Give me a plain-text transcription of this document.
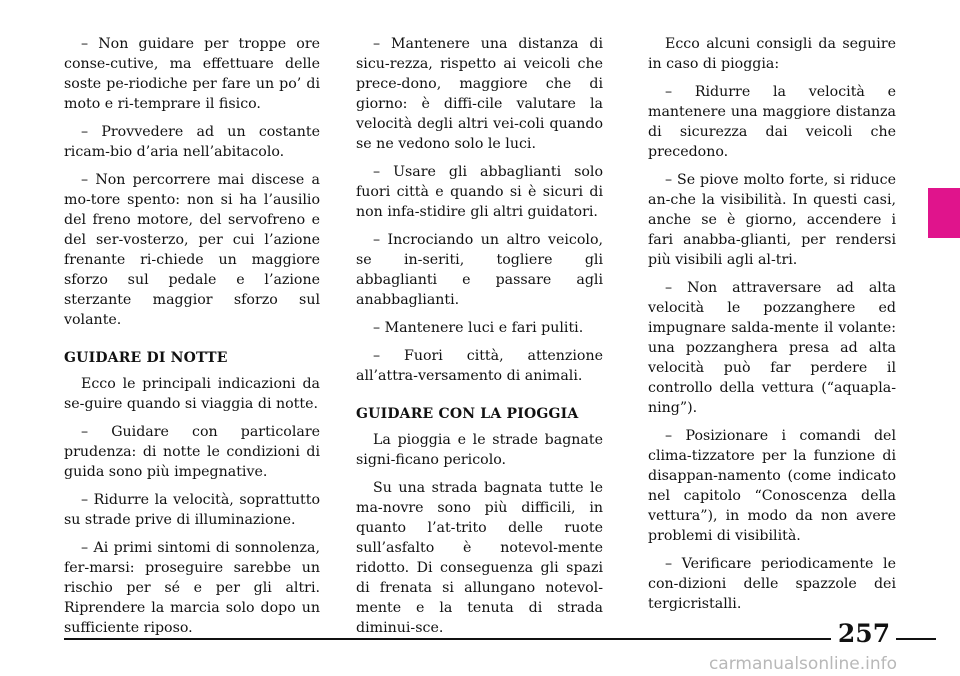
– Non guidare per troppe ore conse-cutive, ma effettuare delle soste pe-riodiche per fare un po’ di moto e ri-temprare il fisico.

– Provvedere ad un costante ricam-bio d’aria nell’abitacolo.

– Non percorrere mai discese a mo-tore spento: non si ha l’ausilio del freno motore, del servofreno e del ser-vosterzo, per cui l’azione frenante ri-chiede un maggiore sforzo sul pedale e l’azione sterzante maggior sforzo sul volante.

GUIDARE DI NOTTE

Ecco le principali indicazioni da se-guire quando si viaggia di notte.

– Guidare con particolare prudenza: di notte le condizioni di guida sono più impegnative.

– Ridurre la velocità, soprattutto su strade prive di illuminazione.

– Ai primi sintomi di sonnolenza, fer-marsi: proseguire sarebbe un rischio per sé e per gli altri. Riprendere la marcia solo dopo un sufficiente riposo.

– Mantenere una distanza di sicu-rezza, rispetto ai veicoli che prece-dono, maggiore che di giorno: è diffi-cile valutare la velocità degli altri vei-coli quando se ne vedono solo le luci.

– Usare gli abbaglianti solo fuori città e quando si è sicuri di non infa-stidire gli altri guidatori.

– Incrociando un altro veicolo, se in-seriti, togliere gli abbaglianti e passare agli anabbaglianti.

– Mantenere luci e fari puliti.

– Fuori città, attenzione all’attra-versamento di animali.

GUIDARE CON LA PIOGGIA

La pioggia e le strade bagnate signi-ficano pericolo.

Su una strada bagnata tutte le ma-novre sono più difficili, in quanto l’at-trito delle ruote sull’asfalto è notevol-mente ridotto. Di conseguenza gli spazi di frenata si allungano notevol-mente e la tenuta di strada diminui-sce.

Ecco alcuni consigli da seguire in caso di pioggia:

– Ridurre la velocità e mantenere una maggiore distanza di sicurezza dai veicoli che precedono.

– Se piove molto forte, si riduce an-che la visibilità. In questi casi, anche se è giorno, accendere i fari anabba-glianti, per rendersi più visibili agli al-tri.

– Non attraversare ad alta velocità le pozzanghere ed impugnare salda-mente il volante: una pozzanghera presa ad alta velocità può far perdere il controllo della vettura (“aquapla-ning”).

– Posizionare i comandi del clima-tizzatore per la funzione di disappan-namento (come indicato nel capitolo “Conoscenza della vettura”), in modo da non avere problemi di visibilità.

– Verificare periodicamente le con-dizioni delle spazzole dei tergicristalli.

257
carmanualsonline.info
